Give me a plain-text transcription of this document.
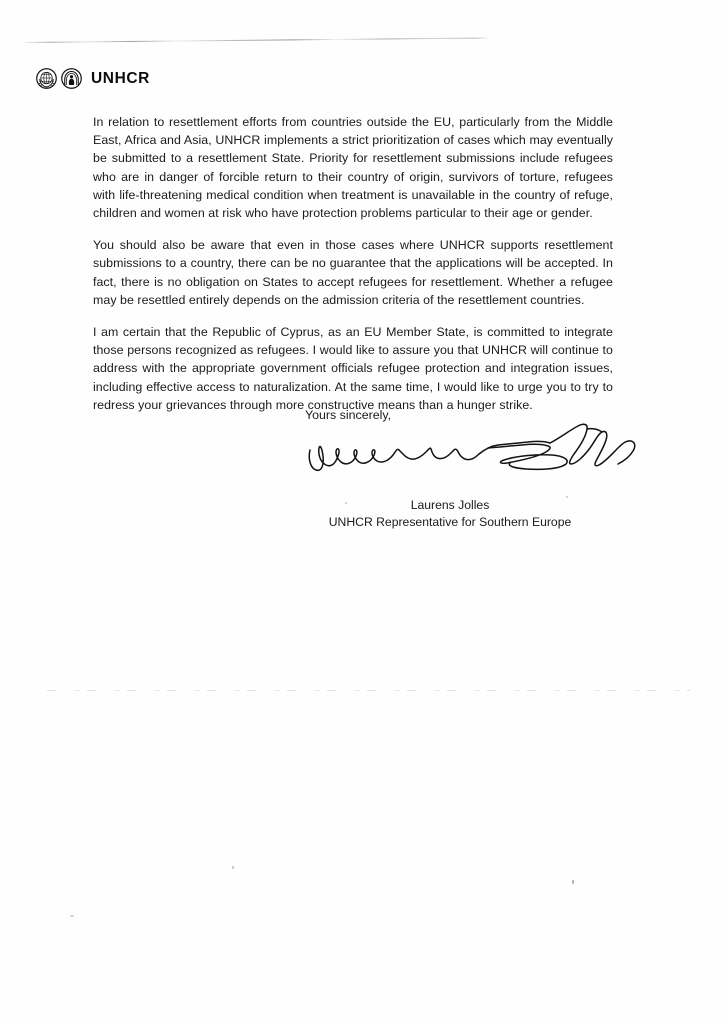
UNHCR

In relation to resettlement efforts from countries outside the EU, particularly from the Middle East, Africa and Asia, UNHCR implements a strict prioritization of cases which may eventually be submitted to a resettlement State. Priority for resettlement submissions include refugees who are in danger of forcible return to their country of origin, survivors of torture, refugees with life-threatening medical condition when treatment is unavailable in the country of refuge, children and women at risk who have protection problems particular to their age or gender.

You should also be aware that even in those cases where UNHCR supports resettlement submissions to a country, there can be no guarantee that the applications will be accepted. In fact, there is no obligation on States to accept refugees for resettlement. Whether a refugee may be resettled entirely depends on the admission criteria of the resettlement countries.

I am certain that the Republic of Cyprus, as an EU Member State, is committed to integrate those persons recognized as refugees. I would like to assure you that UNHCR will continue to address with the appropriate government officials refugee protection and integration issues, including effective access to naturalization. At the same time, I would like to urge you to try to redress your grievances through more constructive means than a hunger strike.

Yours sincerely,
Laurens Jolles
UNHCR Representative for Southern Europe
